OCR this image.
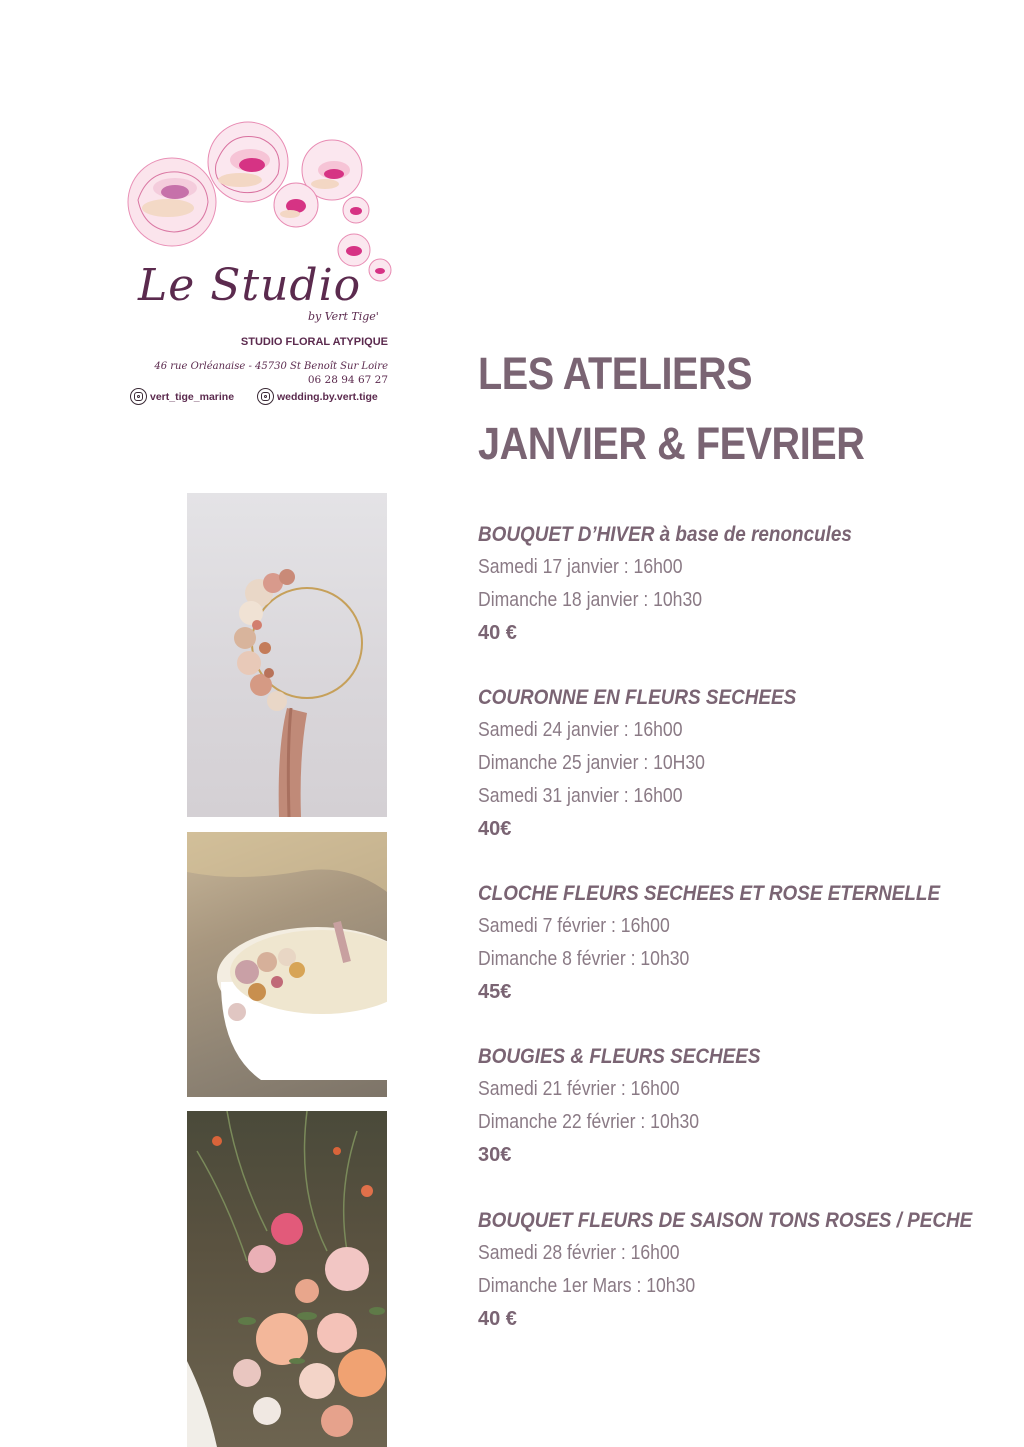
Le Studio
by Vert Tige'
STUDIO FLORAL ATYPIQUE
46 rue Orléanaise - 45730 St Benoît Sur Loire
06 28 94 67 27
vert_tige_marine	wedding.by.vert.tige LES ATELIERS
JANVIER & FEVRIER
BOUQUET D’HIVER à base de renoncules
Samedi 17 janvier : 16h00
Dimanche 18 janvier : 10h30
40 €
COURONNE EN FLEURS SECHEES
Samedi 24 janvier : 16h00
Dimanche 25 janvier : 10H30
Samedi 31 janvier : 16h00
40€
CLOCHE FLEURS SECHEES ET ROSE ETERNELLE
Samedi 7 février : 16h00
Dimanche 8 février : 10h30
45€
BOUGIES & FLEURS SECHEES
Samedi 21 février : 16h00
Dimanche 22 février : 10h30
30€
BOUQUET FLEURS DE SAISON TONS ROSES / PECHE
Samedi 28 février : 16h00
Dimanche 1er Mars : 10h30
40 €
